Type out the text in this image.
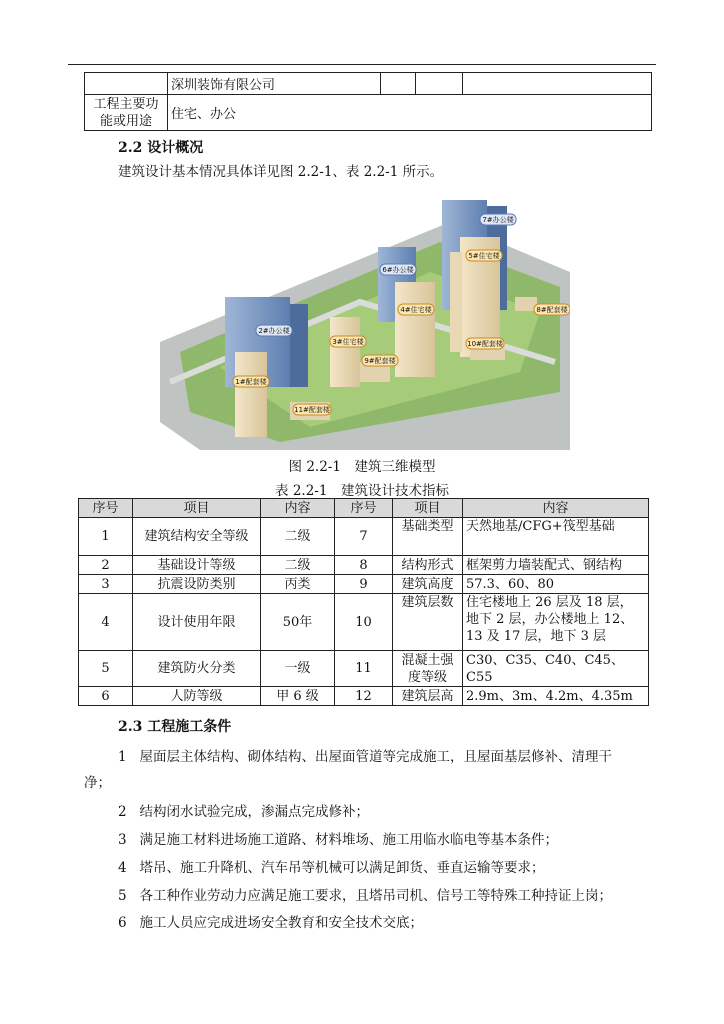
	深圳装饰有限公司			
工程主要功能或用途	住宅、办公			
2.2 设计概况
建筑设计基本情况具体详见图 2.2-1、表 2.2-1 所示。
7#办公楼
5#住宅楼
6#办公楼
4#住宅楼	8#配套楼
3#住宅楼
9#配套楼
10#配套楼
2#办公楼
1#配套楼
11#配套楼
图 2.2-1　建筑三维模型
表 2.2-1　建筑设计技术指标
序号	项目	内容	序号	项目	内容
1	建筑结构安全等级	二级	7	基础类型	天然地基/CFG+筏型基础
2	基础设计等级	二级	8	结构形式	框架剪力墙装配式、钢结构
3	抗震设防类别	丙类	9	建筑高度	57.3、60、80
4	设计使用年限	50年	10	建筑层数	住宅楼地上 26 层及 18 层，地下 2 层，办公楼地上 12、13 及 17 层，地下 3 层
5	建筑防火分类	一级	11	混凝土强度等级	C30、C35、C40、C45、C55
6	人防等级	甲 6 级	12	建筑层高	2.9m、3m、4.2m、4.35m
2.3 工程施工条件
1 屋面层主体结构、砌体结构、出屋面管道等完成施工，且屋面基层修补、清理干
净；
2 结构闭水试验完成，渗漏点完成修补；
3 满足施工材料进场施工道路、材料堆场、施工用临水临电等基本条件；
4 塔吊、施工升降机、汽车吊等机械可以满足卸货、垂直运输等要求；
5 各工种作业劳动力应满足施工要求，且塔吊司机、信号工等特殊工种持证上岗；
6 施工人员应完成进场安全教育和安全技术交底；
